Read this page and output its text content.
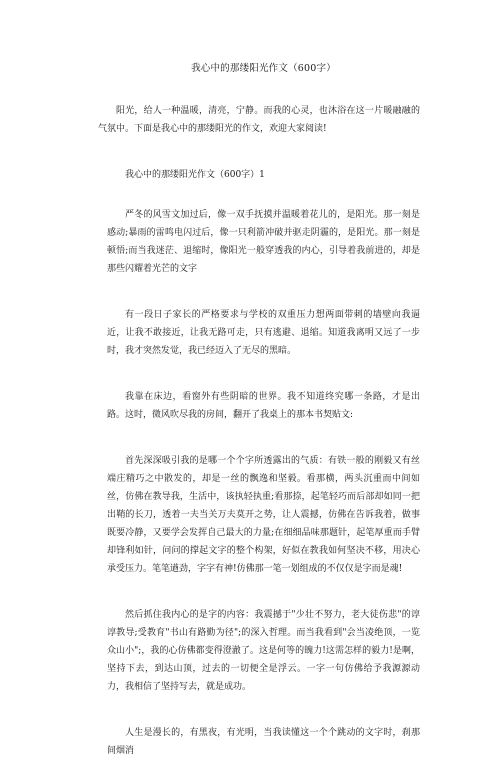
我心中的那缕阳光作文（600字）

阳光，给人一种温暖，清亮，宁静。而我的心灵，也沐浴在这一片暖融融的气氛中。下面是我心中的那缕阳光的作文，欢迎大家阅读!

我心中的那缕阳光作文（600字）1

严冬的风雪文加过后，像一双手抚摸并温暖着花儿的，是阳光。那一刻是感动;暴雨的雷鸣电闪过后，像一只利箭冲破并驱走阴霾的，是阳光。那一刻是顿悟;而当我迷茫、退缩时，像阳光一般穿透我的内心，引导着我前进的，却是那些闪耀着光芒的文字

有一段日子家长的严格要求与学校的双重压力想两面带刺的墙壁向我逼近，让我不敢接近，让我无路可走，只有逃避、退缩。知道我离明又远了一步时，我才突然发觉，我已经迈入了无尽的黑暗。

我靠在床边，看窗外有些阴暗的世界。我不知道终究哪一条路，才是出路。这时，微风吹尽我的房间，翻开了我桌上的那本书契贴文:

首先深深吸引我的是哪一个个字所透露出的气质：有铁一般的刚毅又有丝端庄精巧之中散发的，却是一丝的飘逸和坚毅。看那横，两头沉重而中间如丝，仿佛在教导我，生活中，该执轻执重;看那捺，起笔轻巧而后部却如同一把出鞘的长刀，透着一夫当关万夫莫开之势，让人震撼，仿佛在告诉我着，做事既要冷静，又要学会发挥自己最大的力量;在细细品味那题针，起笔厚重而手臂却锋利如针，问问的撑起文字的整个构架，好似在教我如何坚决不移，用决心承受压力。笔笔遒劲，字字有神!仿佛那一笔一划组成的不仅仅是字而是魂!

然后抓住我内心的是字的内容：我震撼于"少壮不努力，老大徒伤悲"的谆谆教导;受教育"书山有路勤为径";的深入哲理。而当我看到"会当凌绝顶，一览众山小";，我的心仿佛都变得澄澈了。这是何等的魄力!这需怎样的毅力!是啊，坚持下去，到达山顶，过去的一切便全是浮云。一字一句仿佛给予我源源动力，我相信了坚持写去，就是成功。

人生是漫长的，有黑夜，有光明，当我读懂这一个个跳动的文字时，刹那间烟消
